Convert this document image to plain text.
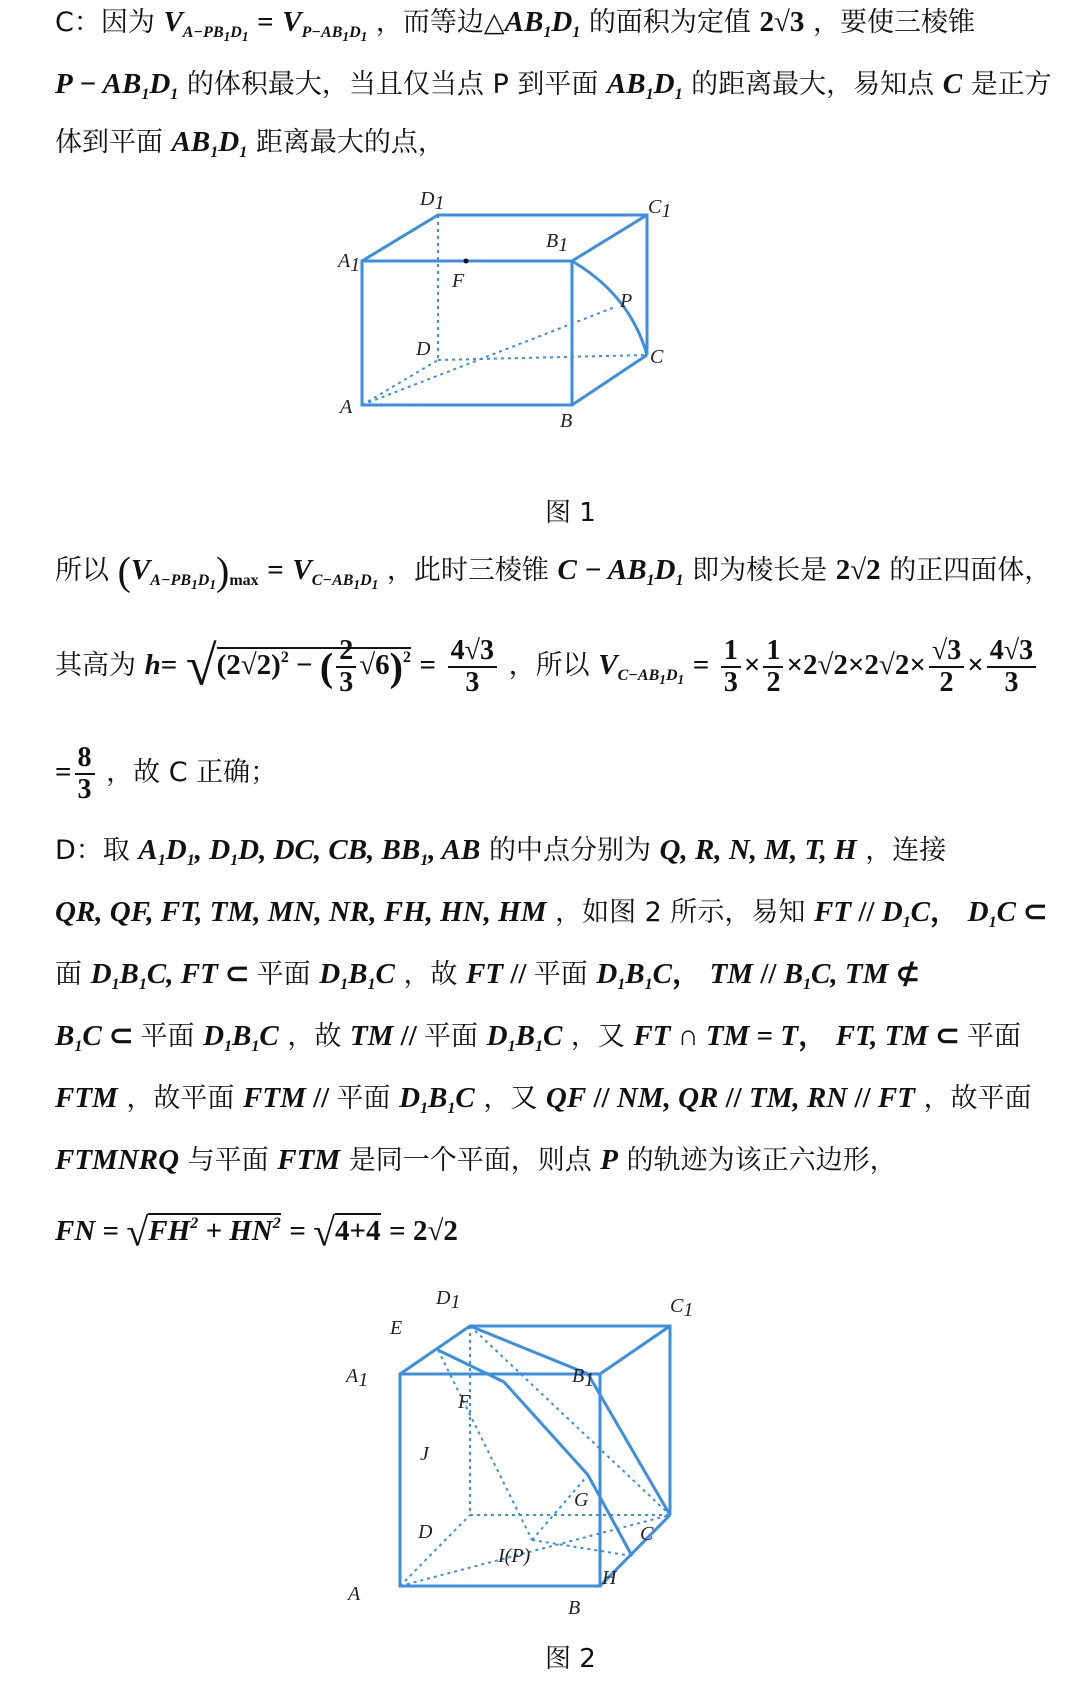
C：因为 $V_{A-PB_1D_1} = V_{P-AB_1D_1}$ ，而等边$\triangle AB_1D_1$ 的面积为定值 2√3 ，要使三棱锥
$P - AB_1D_1$ 的体积最大，当且仅当点 P 到平面 $AB_1D_1$ 的距离最大，易知点 C 是正方
体到平面 $AB_1D_1$ 距离最大的点，
D1	C1
B1
A1
F
P
D	C
A
B
图 1
所以 $(V_{A-PB_1D_1})_{max} = V_{C-AB_1D_1}$ ，此时三棱锥 $C - AB_1D_1$ 即为棱长是 2√2 的正四面体，
其高为 $h= √(2√2)^2$ − ( $\frac{2}{3} √6)^2 = \frac{4√3}{3}$ ，所以 $V_{C-AB_1D_1} = \frac{1}{3} \times \frac{1}{2} \times 2√2\times 2√2\times \frac{√3}{2} \times \frac{4√3}{3}$
= $\frac{8}{3}$ ，故 C 正确；
D：取 $A_1D_1$, $D_1D$, DC, CB, $BB_1$, AB 的中点分别为 Q, R, N, M, T, H ，连接
QR, QF, FT, TM, MN, NR, FH, HN, HM ，如图 2 所示，易知 FT // $D_1C$， $D_1C$ ⊂
面 $D_1B_1C$, FT ⊂ 平面 $D_1B_1C$ ，故 FT // 平面 $D_1B_1C$， TM // $B_1C$, TM ⊄
$B_1C$ ⊂ 平面 $D_1B_1C$ ，故 TM // 平面 $D_1B_1C$ ，又 FT ∩ TM = T， FT, TM ⊂ 平面
FTM ，故平面 FTM // 平面 $D_1B_1C$ ，又 QF // NM, QR // TM, RN // FT ，故平面
FTMNRQ 与平面 FTM 是同一个平面，则点 P 的轨迹为该正六边形，
FN = $√FH^2 + HN^2 = √4+4 = 2√2$
D1	C1
E
A1	B1
F
J
G
D	C
I(P)
H
A
B
图 2
